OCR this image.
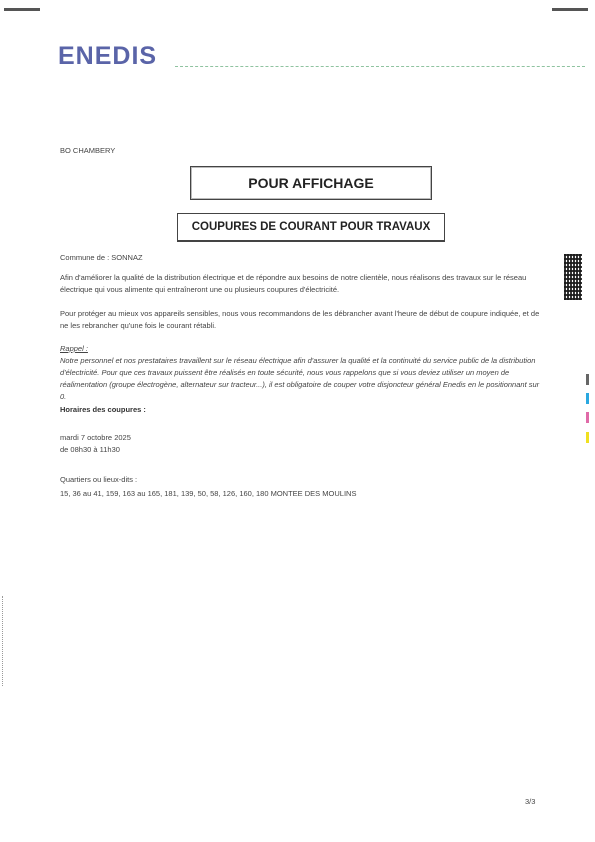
ENEDIS
BO CHAMBERY
POUR AFFICHAGE
COUPURES DE COURANT POUR TRAVAUX
Commune de : SONNAZ
Afin d'améliorer la qualité de la distribution électrique et de répondre aux besoins de notre clientèle, nous réalisons des travaux sur le réseau électrique qui vous alimente qui entraîneront une ou plusieurs coupures d'électricité.
Pour protéger au mieux vos appareils sensibles, nous vous recommandons de les débrancher avant l'heure de début de coupure indiquée, et de ne les rebrancher qu'une fois le courant rétabli.
Rappel :
Notre personnel et nos prestataires travaillent sur le réseau électrique afin d'assurer la qualité et la continuité du service public de la distribution d'électricité. Pour que ces travaux puissent être réalisés en toute sécurité, nous vous rappelons que si vous deviez utiliser un moyen de réalimentation (groupe électrogène, alternateur sur tracteur...), il est obligatoire de couper votre disjoncteur général Enedis en le positionnant sur 0.
Horaires des coupures :
mardi 7 octobre 2025
de 08h30 à 11h30
Quartiers ou lieux-dits :
15, 36 au 41, 159, 163 au 165, 181, 139, 50, 58, 126, 160, 180 MONTEE DES MOULINS
3/3
